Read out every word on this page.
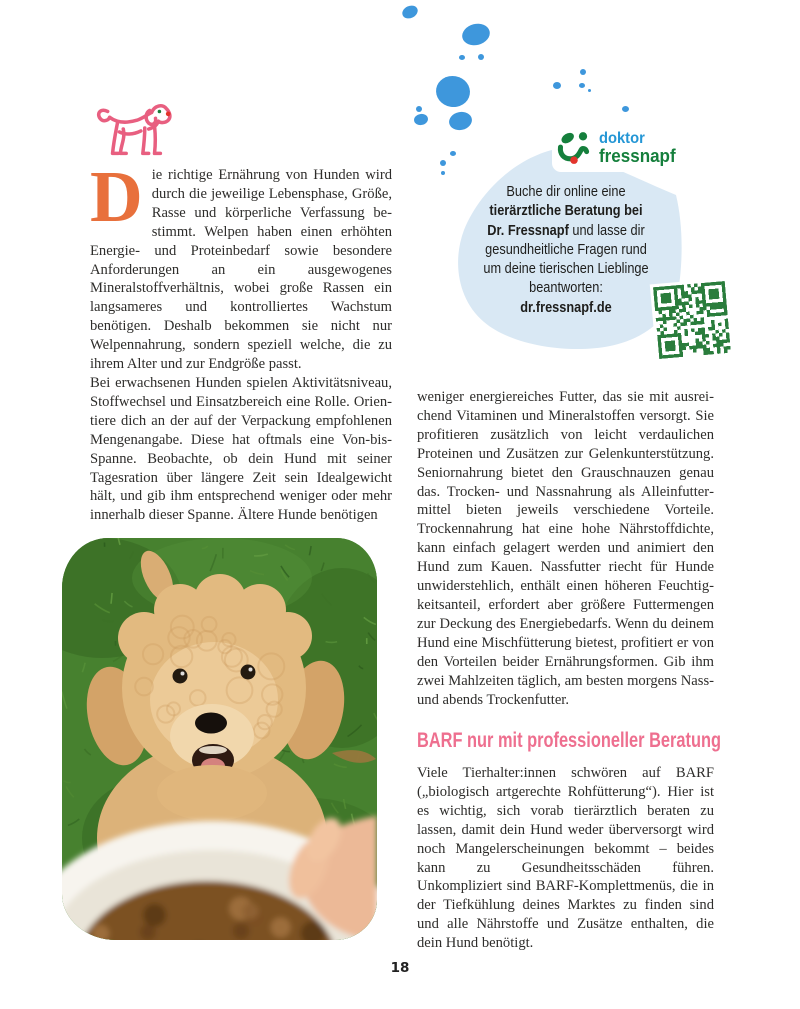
doktor
fressnapf
Buche dir online eine
tierärztliche Beratung bei
Dr. Fressnapf und lasse dir
gesundheitliche Fragen rund
um deine tierischen Lieblinge
beantworten:
dr.fressnapf.de

Die richtige Ernährung von Hunden wird durch die jeweilige Lebensphase, Größe, Rasse und körperliche Verfassung bestimmt. Welpen haben einen erhöhten Energie- und Proteinbedarf sowie besondere Anforderungen an ein ausgewogenes Mineralstoffverhältnis, wobei große Rassen ein langsameres und kontrolliertes Wachstum benötigen. Deshalb bekommen sie nicht nur Welpennahrung, sondern speziell welche, die zu ihrem Alter und zur Endgröße passt.

Bei erwachsenen Hunden spielen Aktivitätsniveau, Stoffwechsel und Einsatzbereich eine Rolle. Orientiere dich an der auf der Verpackung empfohlenen Mengenangabe. Diese hat oftmals eine Von-bis-Spanne. Beobachte, ob dein Hund mit seiner Tagesration über längere Zeit sein Idealgewicht hält, und gib ihm entsprechend weniger oder mehr innerhalb dieser Spanne. Ältere Hunde benötigen

weniger energiereiches Futter, das sie mit ausreichend Vitaminen und Mineralstoffen versorgt. Sie profitieren zusätzlich von leicht verdaulichen Proteinen und Zusätzen zur Gelenkunterstützung. Seniornahrung bietet den Grauschnauzen genau das. Trocken- und Nassnahrung als Alleinfuttermittel bieten jeweils verschiedene Vorteile. Trockennahrung hat eine hohe Nährstoffdichte, kann einfach gelagert werden und animiert den Hund zum Kauen. Nassfutter riecht für Hunde unwiderstehlich, enthält einen höheren Feuchtigkeitsanteil, erfordert aber größere Futtermengen zur Deckung des Energiebedarfs. Wenn du deinem Hund eine Mischfütterung bietest, profitiert er von den Vorteilen beider Ernährungsformen. Gib ihm zwei Mahlzeiten täglich, am besten morgens Nass- und abends Trockenfutter.

BARF nur mit professioneller Beratung

Viele Tierhalter:innen schwören auf BARF („biologisch artgerechte Rohfütterung“). Hier ist es wichtig, sich vorab tierärztlich beraten zu lassen, damit dein Hund weder überversorgt wird noch Mangelerscheinungen bekommt – beides kann zu Gesundheitsschäden führen. Unkompliziert sind BARF-Komplettmenüs, die in der Tiefkühlung deines Marktes zu finden sind und alle Nährstoffe und Zusätze enthalten, die dein Hund benötigt.

18
